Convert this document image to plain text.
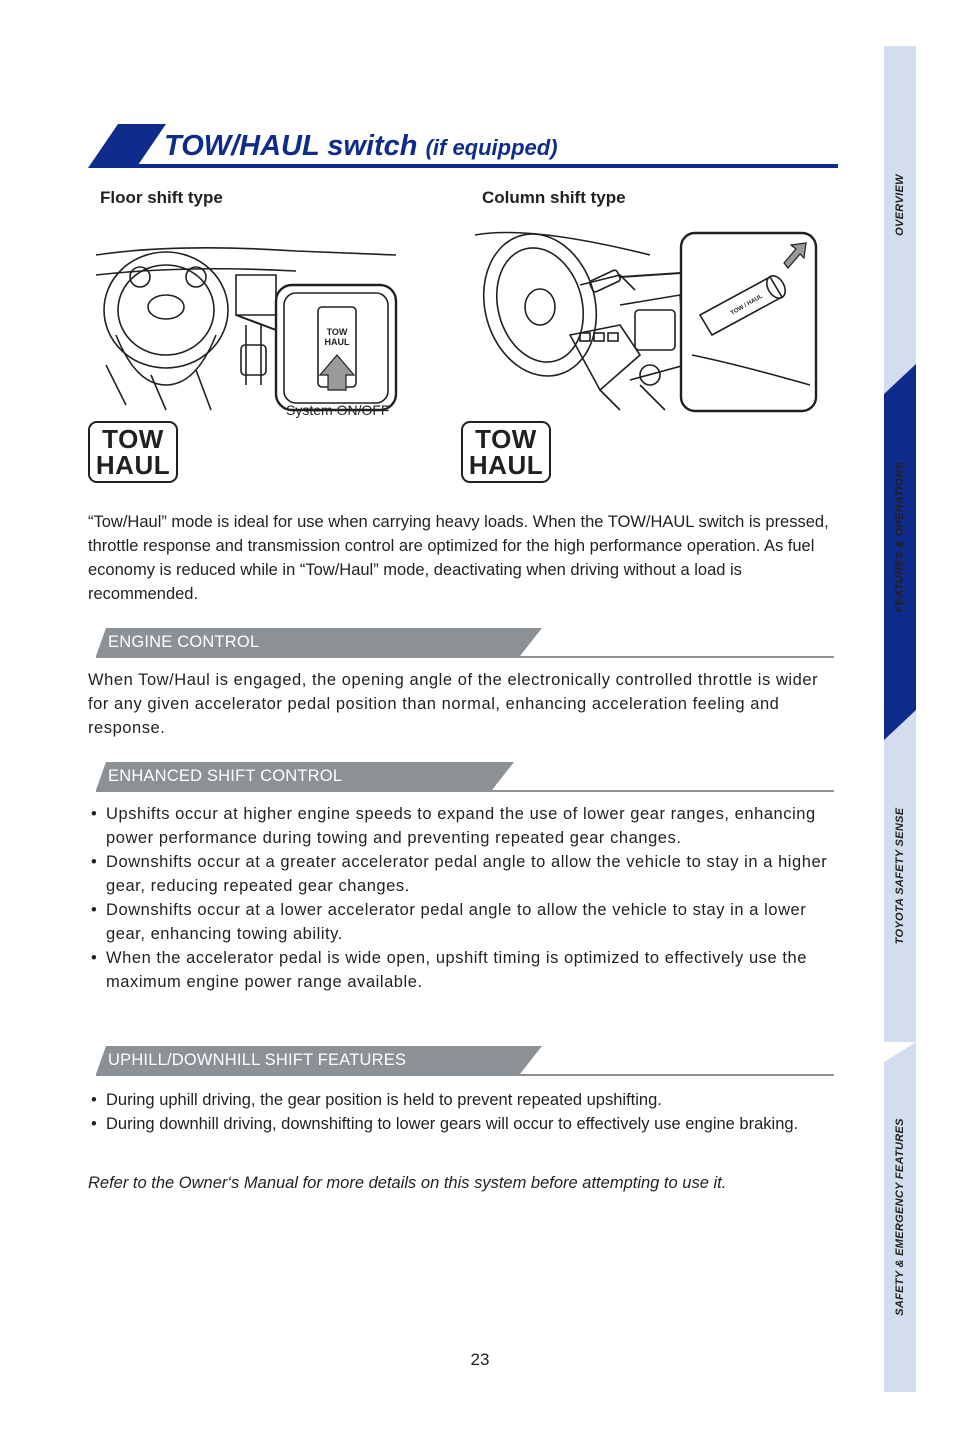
TOW/HAUL switch (if equipped)
Floor shift type	Column shift type
TOW
HAUL
System ON/OFF
TOW / HAUL
TOW
HAUL
TOW
HAUL

“Tow/Haul” mode is ideal for use when carrying heavy loads. When the TOW/HAUL switch is pressed, throttle response and transmission control are optimized for the high performance operation. As fuel economy is reduced while in “Tow/Haul” mode, deactivating when driving without a load is recommended.

ENGINE CONTROL

When Tow/Haul is engaged, the opening angle of the electronically controlled throttle is wider for any given accelerator pedal position than normal, enhancing acceleration feeling and response.

ENHANCED SHIFT CONTROL
• Upshifts occur at higher engine speeds to expand the use of lower gear ranges, enhancing power performance during towing and preventing repeated gear changes.
• Downshifts occur at a greater accelerator pedal angle to allow the vehicle to stay in a higher gear, reducing repeated gear changes.
• Downshifts occur at a lower accelerator pedal angle to allow the vehicle to stay in a lower gear, enhancing towing ability.
• When the accelerator pedal is wide open, upshift timing is optimized to effectively use the maximum engine power range available.
UPHILL/DOWNHILL SHIFT FEATURES
• During uphill driving, the gear position is held to prevent repeated upshifting.
• During downhill driving, downshifting to lower gears will occur to effectively use engine braking.

Refer to the Owner‘s Manual for more details on this system before attempting to use it.

23
OVERVIEW
FEATURES & OPERATIONS
TOYOTA SAFETY SENSE
SAFETY & EMERGENCY FEATURES
